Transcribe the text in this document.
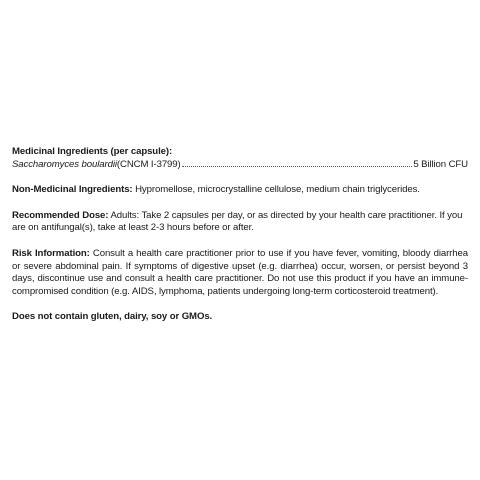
Medicinal Ingredients (per capsule):
Saccharomyces boulardii (CNCM I-3799)	5 Billion CFU
Non-Medicinal Ingredients: Hypromellose, microcrystalline cellulose, medium chain triglycerides.
Recommended Dose: Adults: Take 2 capsules per day, or as directed by your health care practitioner. If you are on antifungal(s), take at least 2-3 hours before or after.
Risk Information: Consult a health care practitioner prior to use if you have fever, vomiting, bloody diarrhea or severe abdominal pain. If symptoms of digestive upset (e.g. diarrhea) occur, worsen, or persist beyond 3 days, discontinue use and consult a health care practitioner. Do not use this product if you have an immune-compromised condition (e.g. AIDS, lymphoma, patients undergoing long-term corticosteroid treatment).
Does not contain gluten, dairy, soy or GMOs.
